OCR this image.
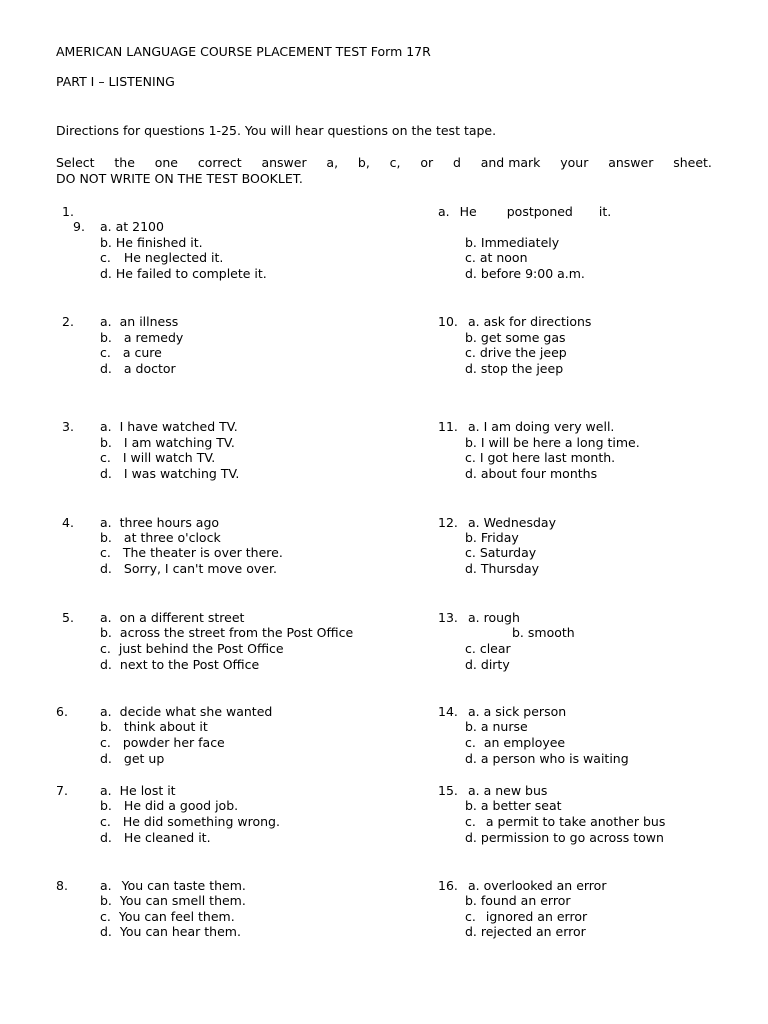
AMERICAN LANGUAGE COURSE PLACEMENT TEST Form 17R
PART I – LISTENING
Directions for questions 1-25. You will hear questions on the test tape.
Select the one correct answer a, b, c, or d and mark your answer sheet.
DO NOT WRITE ON THE TEST BOOKLET.
1.	a. He postponed it.
9. a. at 2100
b. He finished it.
c. He neglected it.
d. He failed to complete it.
b. Immediately
c. at noon
d. before 9:00 a.m.
2. a. an illness
b. a remedy
c. a cure
d. a doctor
10. a. ask for directions
b. get some gas
c. drive the jeep
d. stop the jeep
3. a. I have watched TV.
b. I am watching TV.
c. I will watch TV.
d. I was watching TV.
11. a. I am doing very well.
b. I will be here a long time.
c. I got here last month.
d. about four months
4. a. three hours ago
b. at three o'clock
c. The theater is over there.
d. Sorry, I can't move over.
12. a. Wednesday
b. Friday
c. Saturday
d. Thursday
5. a. on a different street
b. across the street from the Post Office
c. just behind the Post Office
d. next to the Post Office
13. a. rough
b. smooth
c. clear
d. dirty
6.	a. decide what she wanted
b. think about it
c. powder her face
d. get up
14. a. a sick person
b. a nurse
c. an employee
d. a person who is waiting
7.	a. He lost it
b. He did a good job.
c. He did something wrong.
d. He cleaned it.
15. a. a new bus
b. a better seat
c. a permit to take another bus
d. permission to go across town
8.	a. You can taste them.
b. You can smell them.
c. You can feel them.
d. You can hear them.
16. a. overlooked an error
b. found an error
c. ignored an error
d. rejected an error
